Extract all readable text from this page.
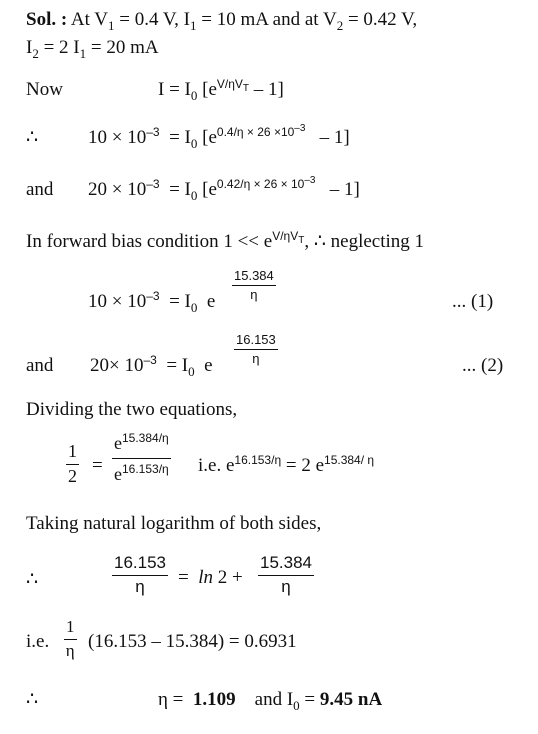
Sol. : At $V_1 = 0.4$ V, $I_1 = 10$ mA and at $V_2 = 0.42$ V,
$I_2 = 2$ $I_1 = 20$ mA
Now	$I = I_0$ $[e^{V/\eta V_T} - 1]$
∴	$10 \times 10^{-3} = I_0$ $[e^{0.4/\eta \times 26 \times 10^{-3}} - 1]$
and $20 \times 10^{-3} = I_0$ $[e^{0.42/\eta \times 26 \times 10^{-3}} - 1]$
In forward bias condition $1 << e^{V/\eta V_T}$, ∴ neglecting 1
$10 \times 10^{-3} = I_0$ e $\frac{15.384}{\eta}$	... (1)
and $20\times 10^{-3} = I_0$ e $\frac{16.153}{\eta}$	... (2)
Dividing the two equations,
$\frac{1}{2} = \frac{e^{15.384/\eta}}{e^{16.153/\eta}} i.e$. $e^{16.153/\eta} = 2$ $e^{15.384/ \eta}$
Taking natural logarithm of both sides,
∴	$\frac{16.153}{\eta} = \ln 2 + \frac{15.384}{\eta}$
i.e. $\frac{1}{\eta} (16.153 - 15.384) = 0.6931$
∴	η = 1.109 and $I_0 = 9.45$ nA
